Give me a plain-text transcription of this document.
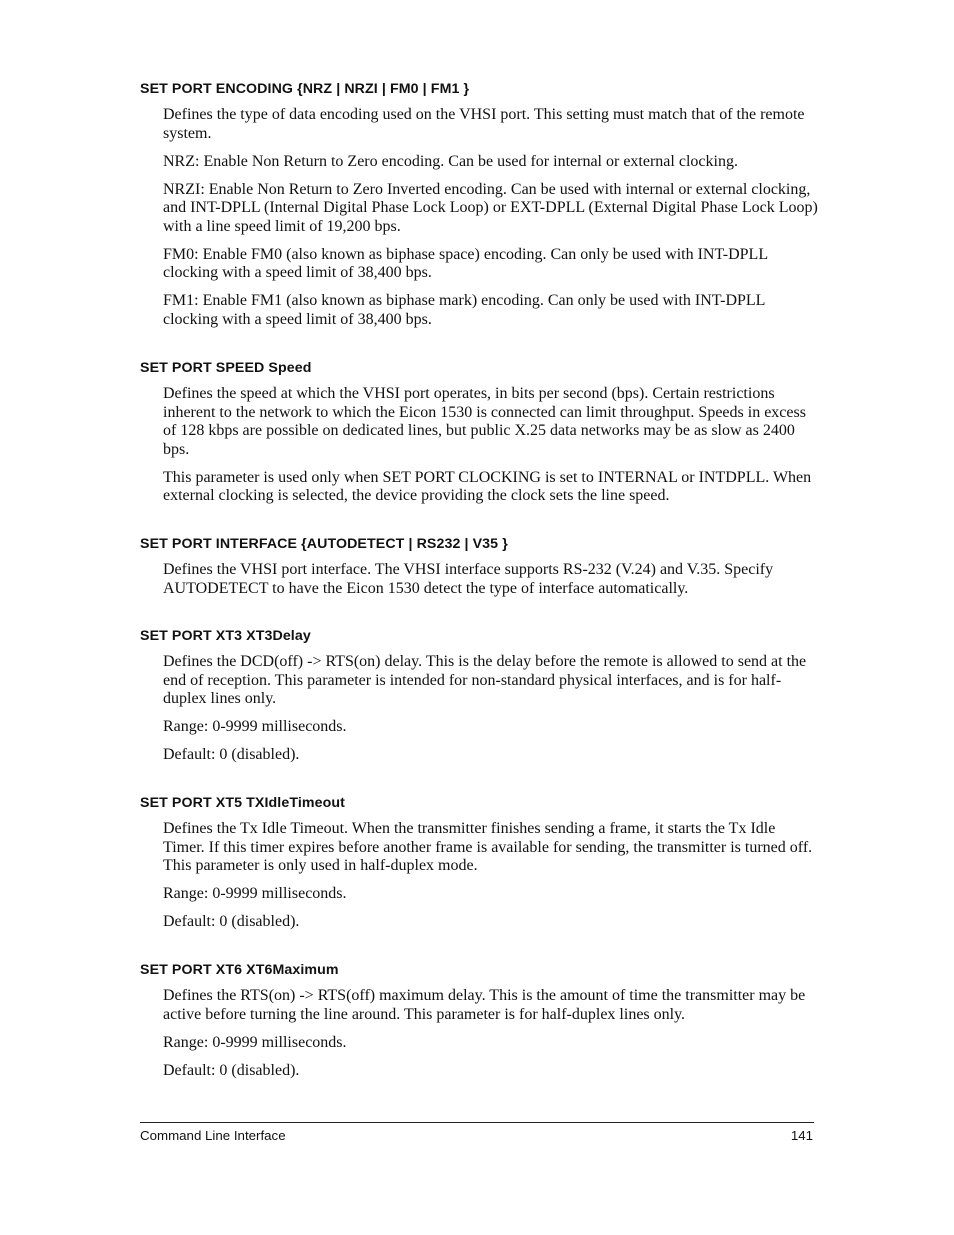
SET PORT ENCODING {NRZ | NRZI | FM0 | FM1 }

Defines the type of data encoding used on the VHSI port. This setting must match that of the remote system.

NRZ: Enable Non Return to Zero encoding. Can be used for internal or external clocking.

NRZI: Enable Non Return to Zero Inverted encoding. Can be used with internal or external clocking, and INT-DPLL (Internal Digital Phase Lock Loop) or EXT-DPLL (External Digital Phase Lock Loop) with a line speed limit of 19,200 bps.

FM0: Enable FM0 (also known as biphase space) encoding. Can only be used with INT-DPLL clocking with a speed limit of 38,400 bps.

FM1: Enable FM1 (also known as biphase mark) encoding. Can only be used with INT-DPLL clocking with a speed limit of 38,400 bps.

SET PORT SPEED Speed

Defines the speed at which the VHSI port operates, in bits per second (bps). Certain restrictions inherent to the network to which the Eicon 1530 is connected can limit throughput. Speeds in excess of 128 kbps are possible on dedicated lines, but public X.25 data networks may be as slow as 2400 bps.

This parameter is used only when SET PORT CLOCKING is set to INTERNAL or INTDPLL. When external clocking is selected, the device providing the clock sets the line speed.

SET PORT INTERFACE {AUTODETECT | RS232 | V35 }

Defines the VHSI port interface. The VHSI interface supports RS-232 (V.24) and V.35. Specify AUTODETECT to have the Eicon 1530 detect the type of interface automatically.

SET PORT XT3 XT3Delay

Defines the DCD(off) -> RTS(on) delay. This is the delay before the remote is allowed to send at the end of reception. This parameter is intended for non-standard physical interfaces, and is for half-duplex lines only.

Range: 0-9999 milliseconds.

Default: 0 (disabled).

SET PORT XT5 TXIdleTimeout

Defines the Tx Idle Timeout. When the transmitter finishes sending a frame, it starts the Tx Idle Timer. If this timer expires before another frame is available for sending, the transmitter is turned off. This parameter is only used in half-duplex mode.

Range: 0-9999 milliseconds.

Default: 0 (disabled).

SET PORT XT6 XT6Maximum

Defines the RTS(on) -> RTS(off) maximum delay. This is the amount of time the transmitter may be active before turning the line around. This parameter is for half-duplex lines only.

Range: 0-9999 milliseconds.

Default: 0 (disabled).

Command Line Interface	141
